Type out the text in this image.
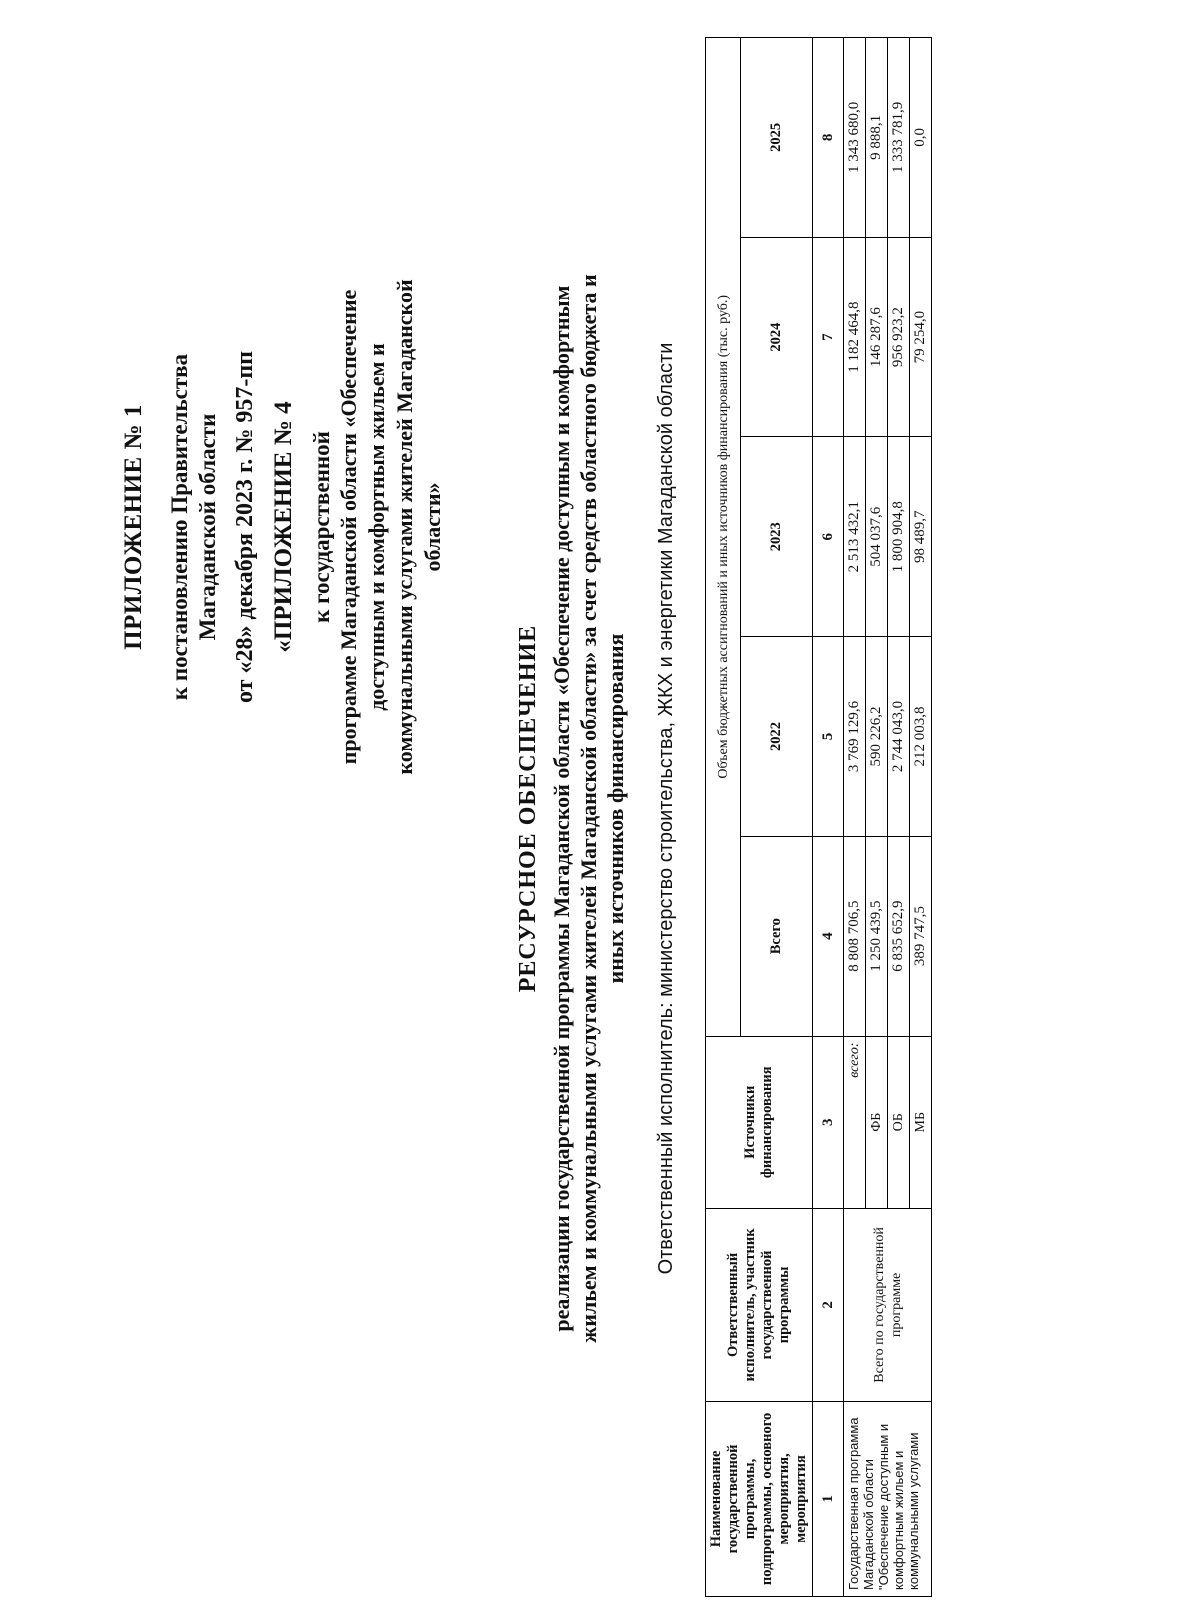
ПРИЛОЖЕНИЕ № 1 к постановлению Правительства Магаданской области от «28» декабря 2023 г. № 957-пп «ПРИЛОЖЕНИЕ № 4 к государственной программе Магаданской области «Обеспечение доступным и комфортным жильем и коммунальными услугами жителей Магаданской области»
РЕСУРСНОЕ ОБЕСПЕЧЕНИЕ реализации государственной программы Магаданской области «Обеспечение доступным и комфортным жильем и коммунальными услугами жителей Магаданской области» за счет средств областного бюджета и иных источников финансирования Ответственный исполнитель: министерство строительства, ЖКХ и энергетики Магаданской области
Наименование государственной программы, подпрограммы, основного мероприятия, мероприятия	Ответственный исполнитель, участник государственной программы	Источники финансирования	Объем бюджетных ассигнований и иных источников финансирования (тыс. руб.)				
			Всего	2022	2023	2024	2025
1	2	3	4	5	6	7	8
Государственная программа Магаданской области "Обеспечение доступным и комфортным жильем и коммунальными услугами	Всего по государственной программе	всего:	8 808 706,5	3 769 129,6	2 513 432,1	1 182 464,8	1 343 680,0
		ФБ	1 250 439,5	590 226,2	504 037,6	146 287,6	9 888,1
		ОБ	6 835 652,9	2 744 043,0	1 800 904,8	956 923,2	1 333 781,9
		МБ	389 747,5	212 003,8	98 489,7	79 254,0	0,0
